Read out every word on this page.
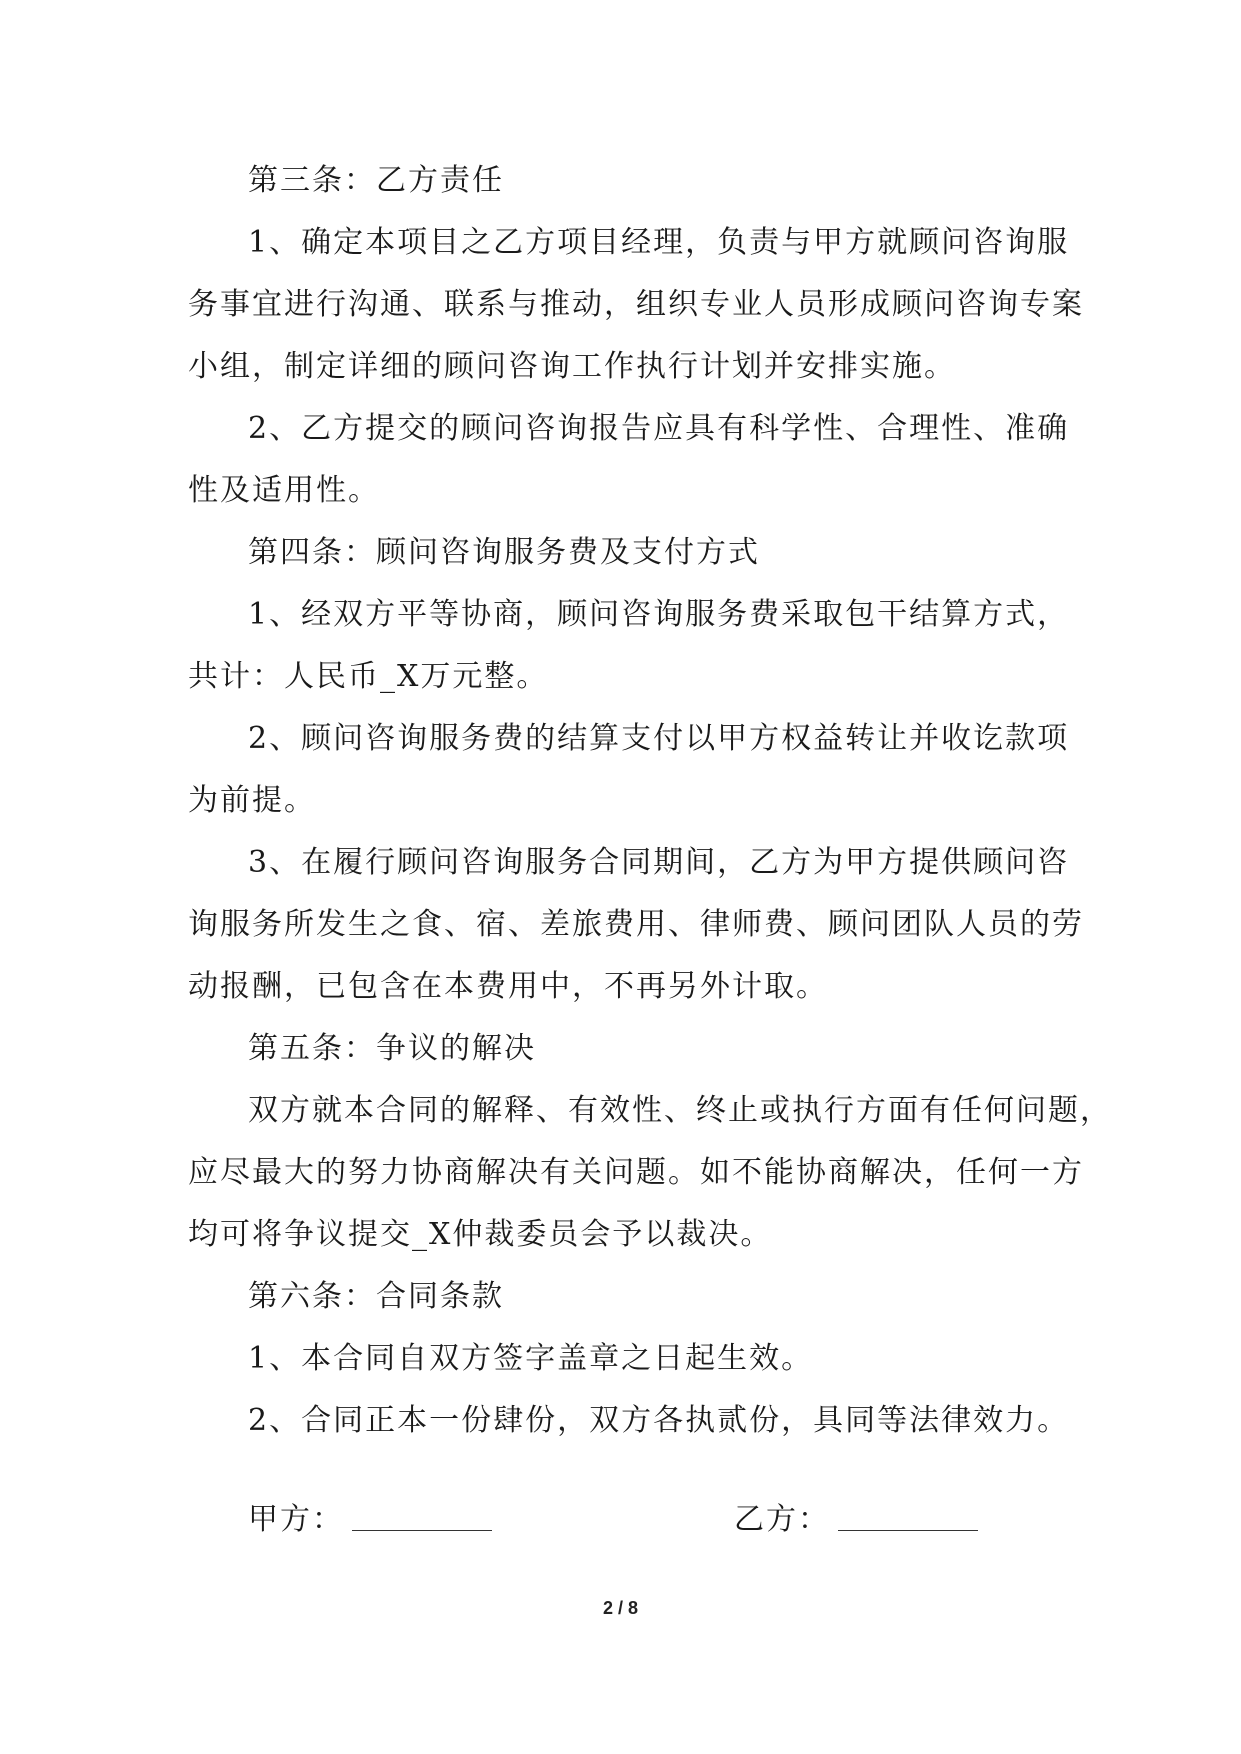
第三条：乙方责任
1、确定本项目之乙方项目经理，负责与甲方就顾问咨询服
务事宜进行沟通、联系与推动，组织专业人员形成顾问咨询专案
小组，制定详细的顾问咨询工作执行计划并安排实施。
2、乙方提交的顾问咨询报告应具有科学性、合理性、准确
性及适用性。
第四条：顾问咨询服务费及支付方式
1、经双方平等协商，顾问咨询服务费采取包干结算方式，
共计：人民币_X万元整。
2、顾问咨询服务费的结算支付以甲方权益转让并收讫款项
为前提。
3、在履行顾问咨询服务合同期间，乙方为甲方提供顾问咨
询服务所发生之食、宿、差旅费用、律师费、顾问团队人员的劳
动报酬，已包含在本费用中，不再另外计取。
第五条：争议的解决
双方就本合同的解释、有效性、终止或执行方面有任何问题，
应尽最大的努力协商解决有关问题。如不能协商解决，任何一方
均可将争议提交_X仲裁委员会予以裁决。
第六条：合同条款
1、本合同自双方签字盖章之日起生效。
2、合同正本一份肆份，双方各执贰份，具同等法律效力。
甲方：	乙方：
2 / 8
